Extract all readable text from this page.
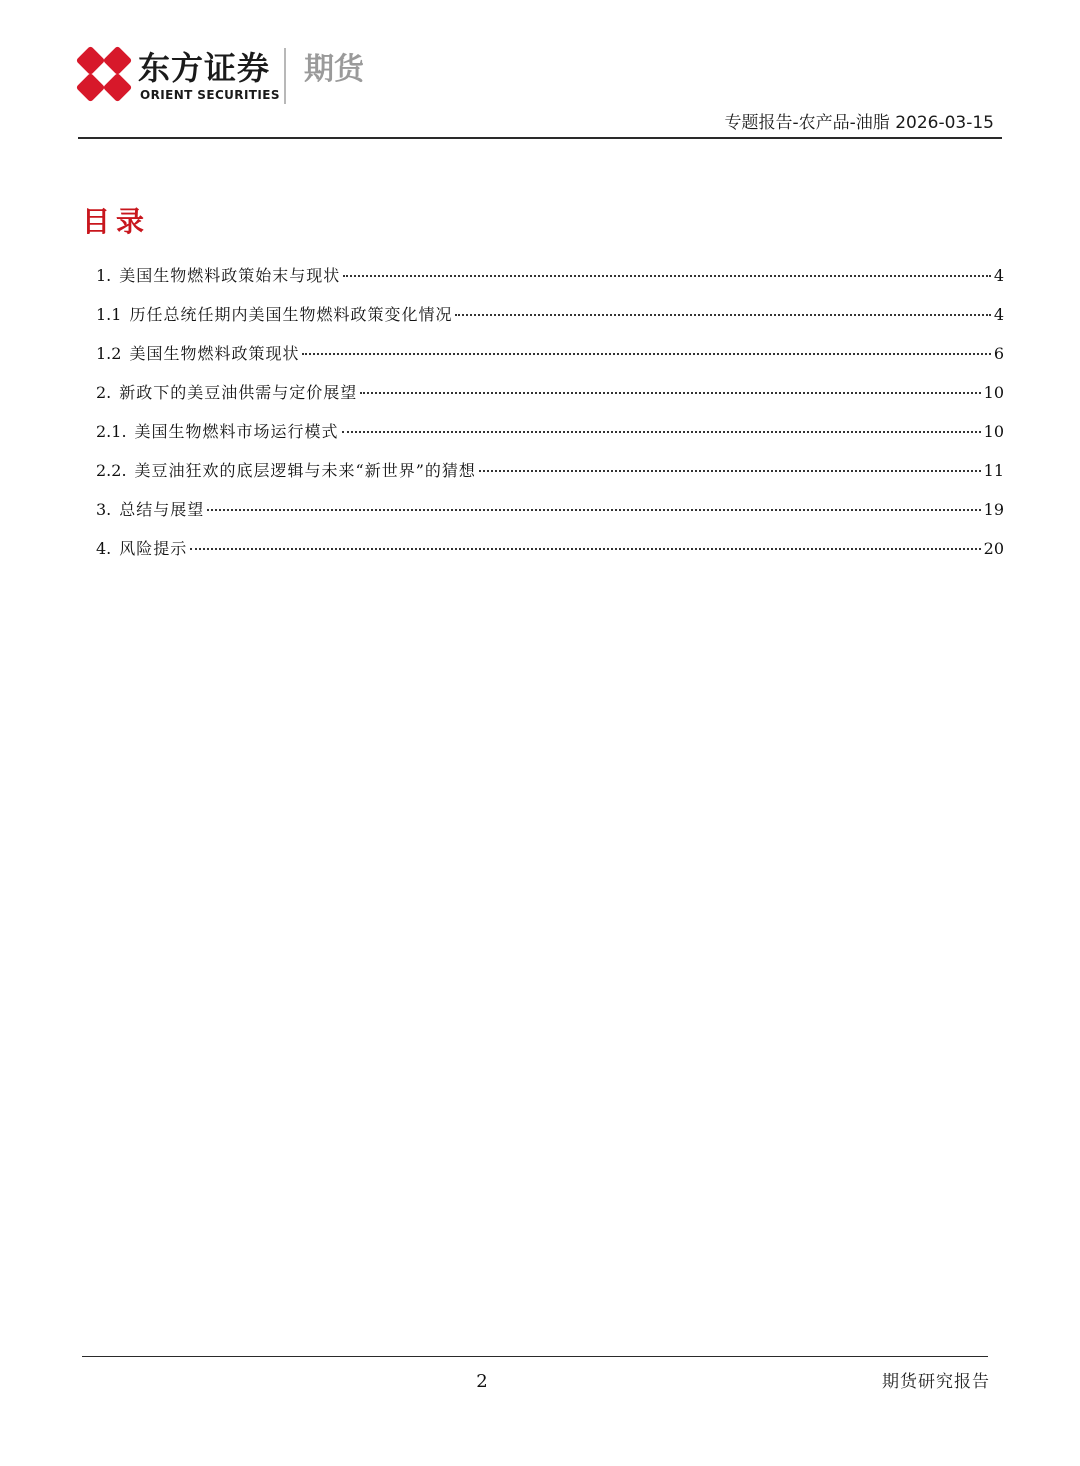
东方证券
ORIENT SECURITIES
期货
专题报告-农产品-油脂 2026-03-15
目录
1. 美国生物燃料政策始末与现状	4
1.1 历任总统任期内美国生物燃料政策变化情况	4
1.2 美国生物燃料政策现状	6
2. 新政下的美豆油供需与定价展望	10
2.1. 美国生物燃料市场运行模式	10
2.2. 美豆油狂欢的底层逻辑与未来“新世界”的猜想	11
3. 总结与展望	19
4. 风险提示	20
2	期货研究报告
